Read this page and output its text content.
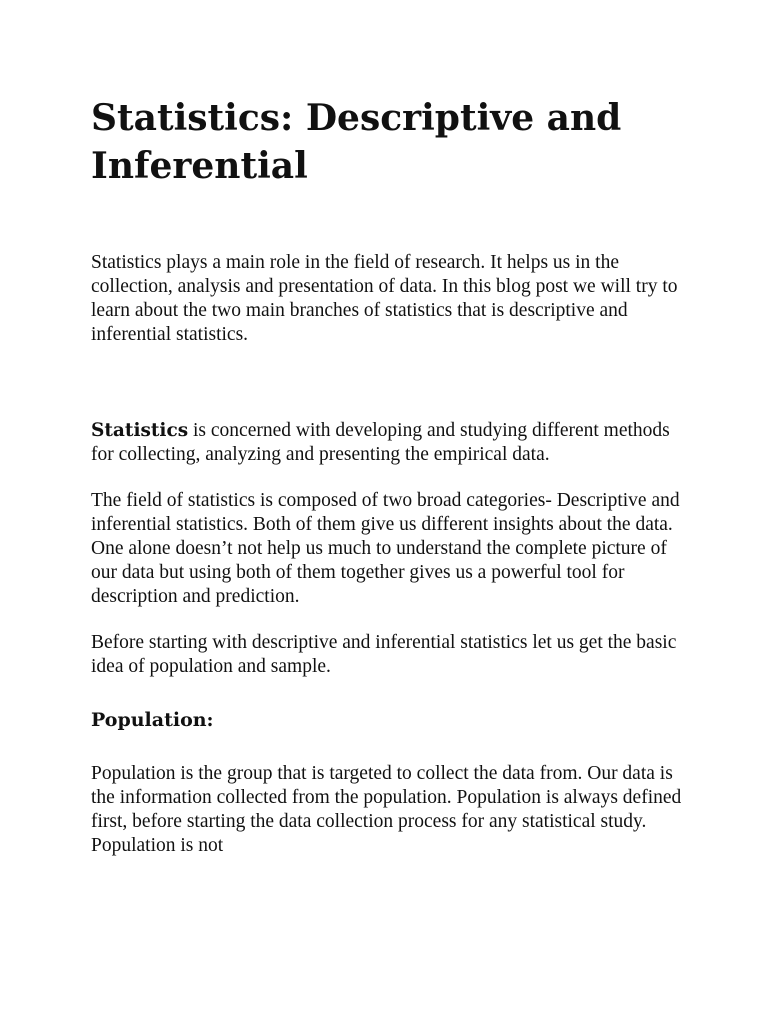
Statistics: Descriptive and Inferential

Statistics plays a main role in the field of research. It helps us in the collection, analysis and presentation of data. In this blog post we will try to learn about the two main branches of statistics that is descriptive and inferential statistics.

Statistics is concerned with developing and studying different methods for collecting, analyzing and presenting the empirical data.

The field of statistics is composed of two broad categories- Descriptive and inferential statistics. Both of them give us different insights about the data. One alone doesn’t not help us much to understand the complete picture of our data but using both of them together gives us a powerful tool for description and prediction.

Before starting with descriptive and inferential statistics let us get the basic idea of population and sample.

Population:

Population is the group that is targeted to collect the data from. Our data is the information collected from the population. Population is always defined first, before starting the data collection process for any statistical study. Population is not
